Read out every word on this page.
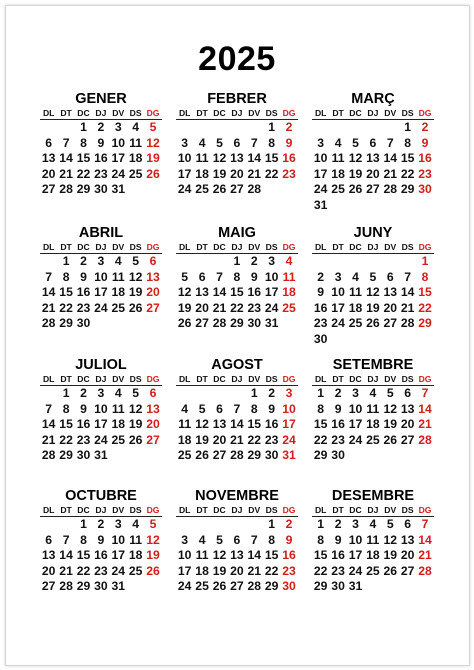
2025
GENER
DL DT DC DJ DV DS DG
1 2 3 4 5
6 7 8 9 10 11 12
13 14 15 16 17 18 19
20 21 22 23 24 25 26
27 28 29 30 31
FEBRER
DL DT DC DJ DV DS DG
1 2
3 4 5 6 7 8 9
10 11 12 13 14 15 16
17 18 19 20 21 22 23
24 25 26 27 28
MARÇ
DL DT DC DJ DV DS DG
1 2
3 4 5 6 7 8 9
10 11 12 13 14 15 16
17 18 19 20 21 22 23
24 25 26 27 28 29 30
31
ABRIL
DL DT DC DJ DV DS DG
1 2 3 4 5 6
7 8 9 10 11 12 13
14 15 16 17 18 19 20
21 22 23 24 25 26 27
28 29 30
MAIG
DL DT DC DJ DV DS DG
1 2 3 4
5 6 7 8 9 10 11
12 13 14 15 16 17 18
19 20 21 22 23 24 25
26 27 28 29 30 31
JUNY
DL DT DC DJ DV DS DG
1
2 3 4 5 6 7 8
9 10 11 12 13 14 15
16 17 18 19 20 21 22
23 24 25 26 27 28 29
30
JULIOL
DL DT DC DJ DV DS DG
1 2 3 4 5 6
7 8 9 10 11 12 13
14 15 16 17 18 19 20
21 22 23 24 25 26 27
28 29 30 31
AGOST
DL DT DC DJ DV DS DG
1 2 3
4 5 6 7 8 9 10
11 12 13 14 15 16 17
18 19 20 21 22 23 24
25 26 27 28 29 30 31
SETEMBRE
DL DT DC DJ DV DS DG
1 2 3 4 5 6 7
8 9 10 11 12 13 14
15 16 17 18 19 20 21
22 23 24 25 26 27 28
29 30
OCTUBRE
DL DT DC DJ DV DS DG
1 2 3 4 5
6 7 8 9 10 11 12
13 14 15 16 17 18 19
20 21 22 23 24 25 26
27 28 29 30 31
NOVEMBRE
DL DT DC DJ DV DS DG
1 2
3 4 5 6 7 8 9
10 11 12 13 14 15 16
17 18 19 20 21 22 23
24 25 26 27 28 29 30
DESEMBRE
DL DT DC DJ DV DS DG
1 2 3 4 5 6 7
8 9 10 11 12 13 14
15 16 17 18 19 20 21
22 23 24 25 26 27 28
29 30 31
